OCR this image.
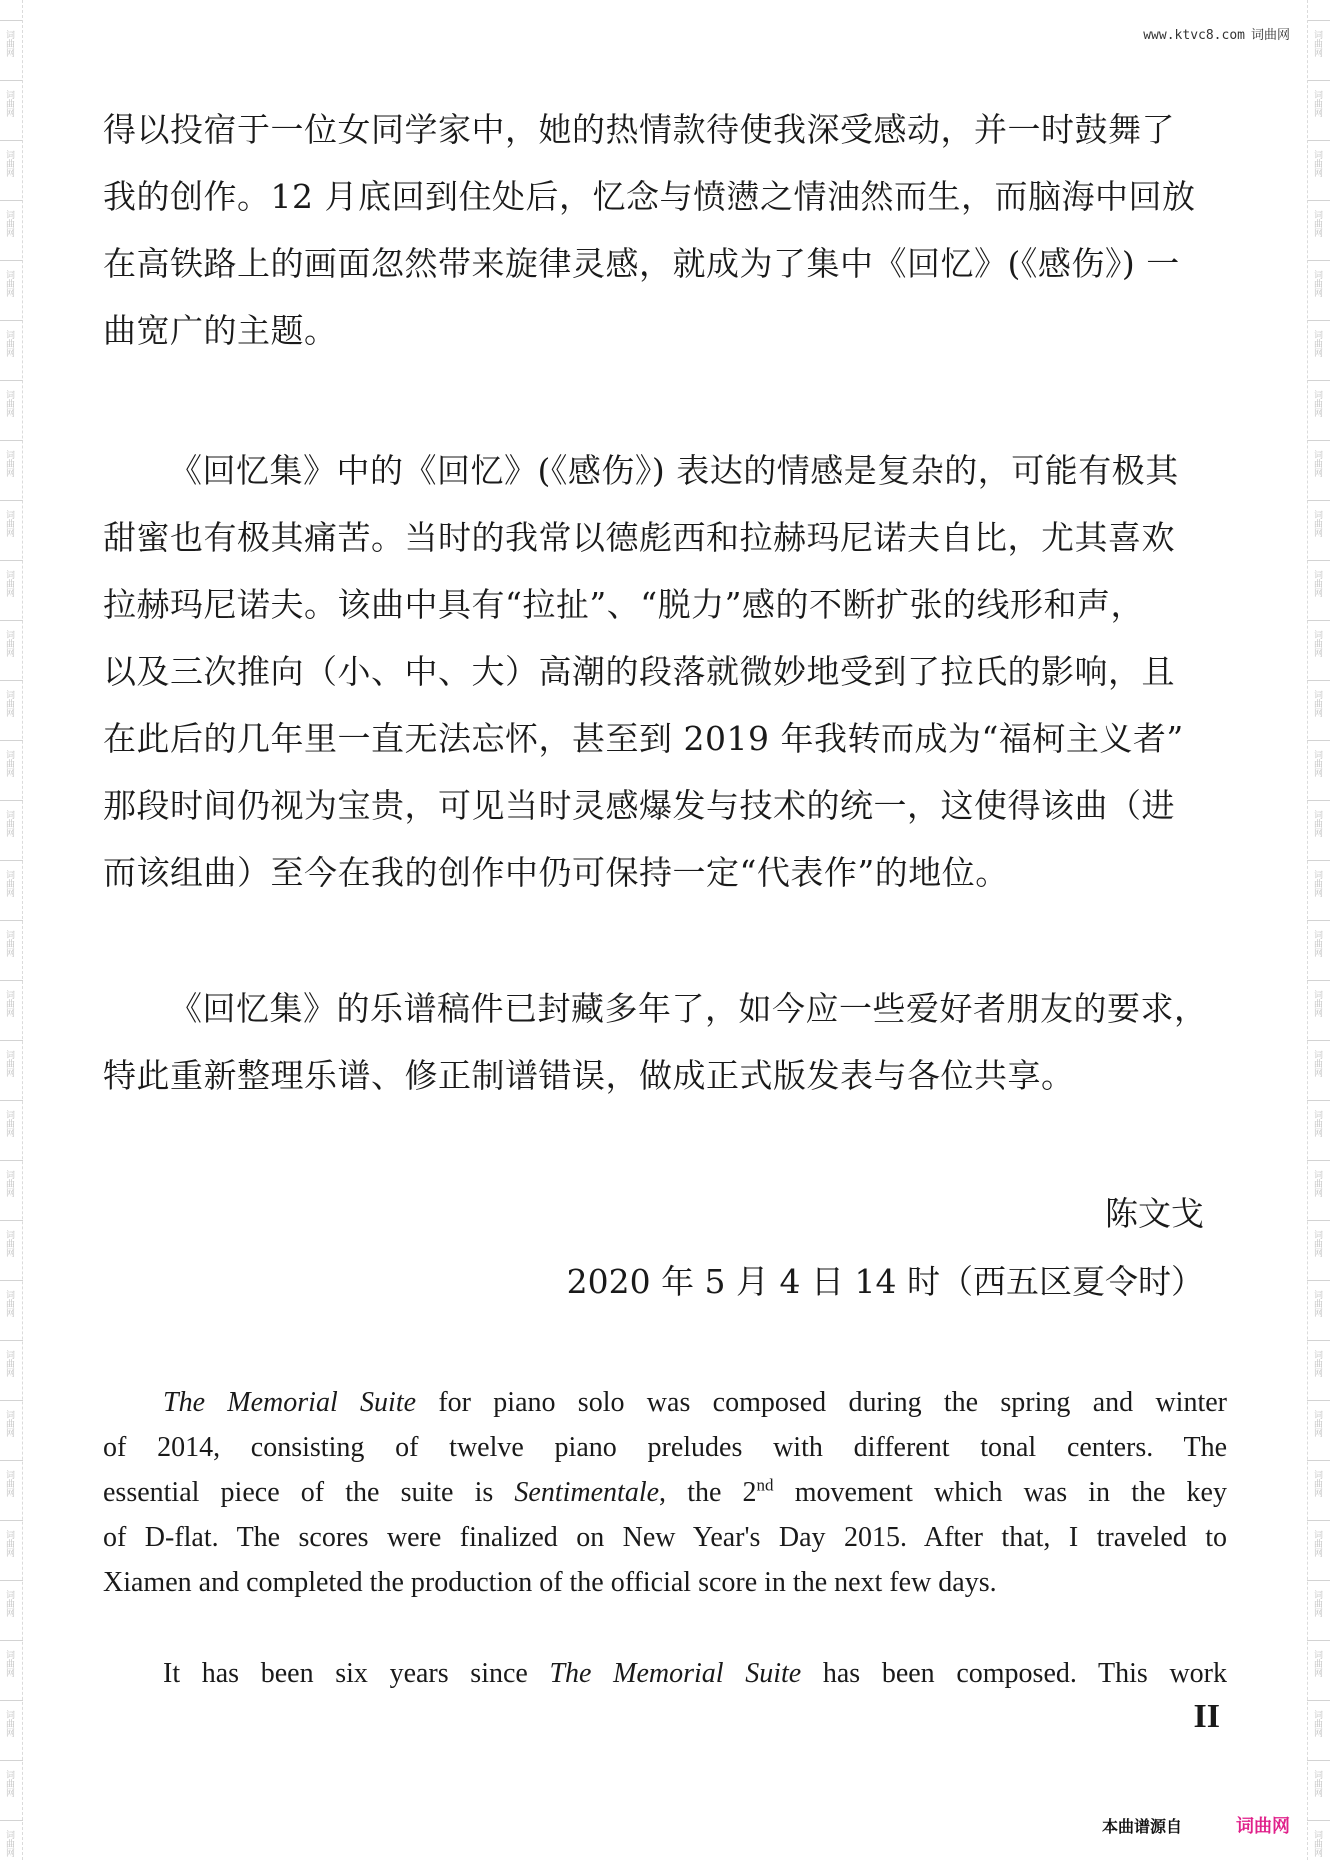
词曲网
词曲网
词曲网
词曲网
词曲网
词曲网
词曲网
词曲网
词曲网
词曲网
词曲网
词曲网
词曲网
词曲网
词曲网
词曲网
词曲网
词曲网
词曲网
词曲网
词曲网
词曲网
词曲网
词曲网
词曲网
词曲网
词曲网
词曲网
词曲网
词曲网
词曲网
词曲网
词曲网
词曲网
词曲网
词曲网
词曲网
词曲网
词曲网
词曲网
词曲网
词曲网
词曲网
词曲网
词曲网
词曲网
词曲网
词曲网
词曲网
词曲网
词曲网
词曲网
词曲网
词曲网
词曲网
词曲网
词曲网
词曲网
词曲网
词曲网
词曲网
词曲网
www.ktvc8.com 词曲网
得以投宿于一位女同学家中，她的热情款待使我深受感动，并一时鼓舞了
我的创作。12 月底回到住处后，忆念与愤懑之情油然而生，而脑海中回放
在高铁路上的画面忽然带来旋律灵感，就成为了集中《回忆》(《感伤》) 一
曲宽广的主题。
《回忆集》中的《回忆》(《感伤》) 表达的情感是复杂的，可能有极其
甜蜜也有极其痛苦。当时的我常以德彪西和拉赫玛尼诺夫自比，尤其喜欢
拉赫玛尼诺夫。该曲中具有“拉扯”、“脱力”感的不断扩张的线形和声，
以及三次推向（小、中、大）高潮的段落就微妙地受到了拉氏的影响，且
在此后的几年里一直无法忘怀，甚至到 2019 年我转而成为“福柯主义者”
那段时间仍视为宝贵，可见当时灵感爆发与技术的统一，这使得该曲（进
而该组曲）至今在我的创作中仍可保持一定“代表作”的地位。
《回忆集》的乐谱稿件已封藏多年了，如今应一些爱好者朋友的要求，
特此重新整理乐谱、修正制谱错误，做成正式版发表与各位共享。
陈文戈
2020 年 5 月 4 日 14 时（西五区夏令时）
The Memorial Suite for piano solo was composed during the spring and winter
of 2014, consisting of twelve piano preludes with different tonal centers. The
essential piece of the suite is Sentimentale, the 2nd movement which was in the key
of D-flat. The scores were finalized on New Year's Day 2015. After that, I traveled to
Xiamen and completed the production of the official score in the next few days.
It has been six years since The Memorial Suite has been composed. This work
II
本曲谱源自	词曲网
